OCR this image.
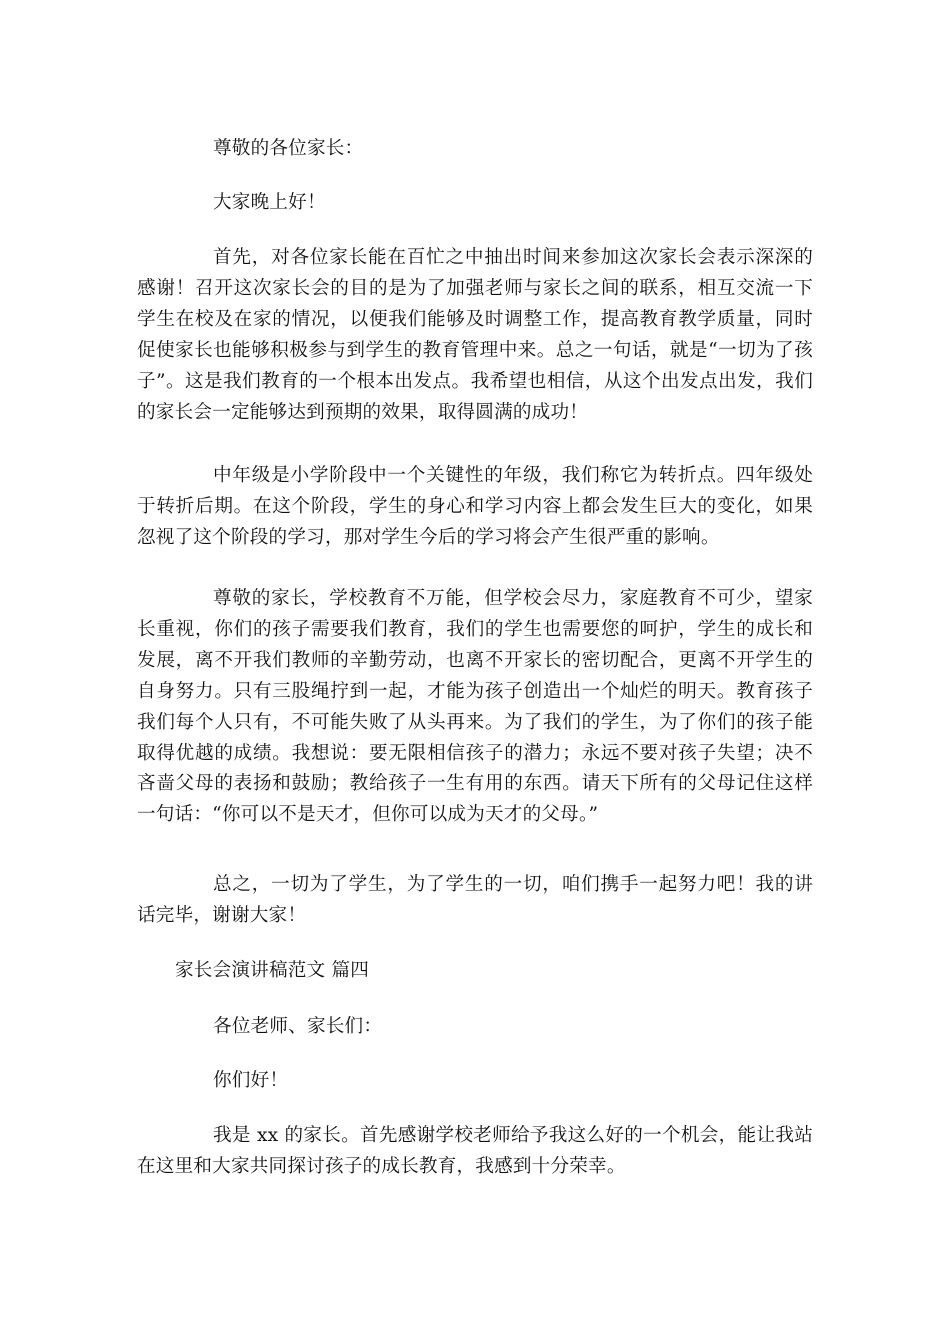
尊敬的各位家长：

大家晚上好！

首先，对各位家长能在百忙之中抽出时间来参加这次家长会表示深深的感谢！召开这次家长会的目的是为了加强老师与家长之间的联系，相互交流一下学生在校及在家的情况，以便我们能够及时调整工作，提高教育教学质量，同时促使家长也能够积极参与到学生的教育管理中来。总之一句话，就是“一切为了孩子”。这是我们教育的一个根本出发点。我希望也相信，从这个出发点出发，我们的家长会一定能够达到预期的效果，取得圆满的成功！

中年级是小学阶段中一个关键性的年级，我们称它为转折点。四年级处于转折后期。在这个阶段，学生的身心和学习内容上都会发生巨大的变化，如果忽视了这个阶段的学习，那对学生今后的学习将会产生很严重的影响。

尊敬的家长，学校教育不万能，但学校会尽力，家庭教育不可少，望家长重视，你们的孩子需要我们教育，我们的学生也需要您的呵护，学生的成长和发展，离不开我们教师的辛勤劳动，也离不开家长的密切配合，更离不开学生的自身努力。只有三股绳拧到一起，才能为孩子创造出一个灿烂的明天。教育孩子我们每个人只有，不可能失败了从头再来。为了我们的学生，为了你们的孩子能取得优越的成绩。我想说：要无限相信孩子的潜力；永远不要对孩子失望；决不吝啬父母的表扬和鼓励；教给孩子一生有用的东西。请天下所有的父母记住这样一句话：“你可以不是天才，但你可以成为天才的父母。”

总之，一切为了学生，为了学生的一切，咱们携手一起努力吧！我的讲话完毕，谢谢大家！

家长会演讲稿范文 篇四

各位老师、家长们：

你们好！

我是 xx 的家长。首先感谢学校老师给予我这么好的一个机会，能让我站在这里和大家共同探讨孩子的成长教育，我感到十分荣幸。
